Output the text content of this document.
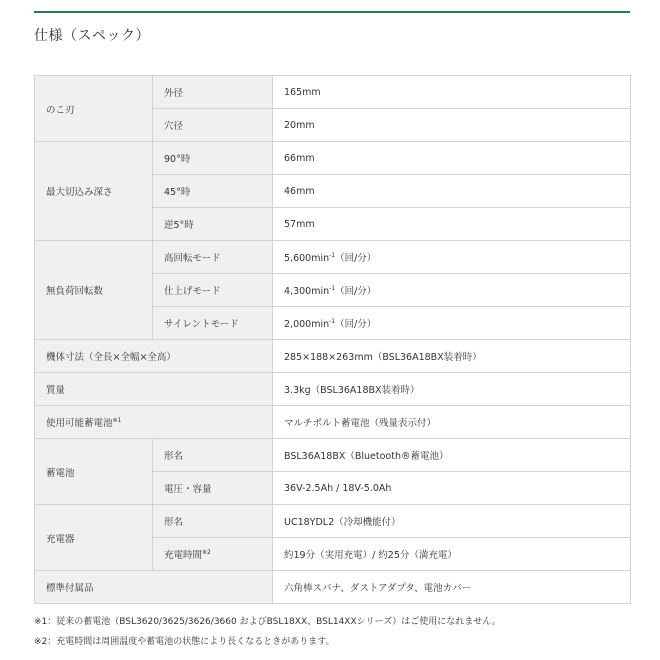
仕様（スペック）
のこ刃	外径	165mm
	穴径	20mm
最大切込み深さ	90°時	66mm
	45°時	46mm
	逆5°時	57mm
無負荷回転数	高回転モード	$5,600\min^{-1}$（回/分）
	仕上げモード	$4,300\min^{-1}$（回/分）
	サイレントモード	$2,000\min^{-1}$（回/分）
機体寸法（全長×全幅×全高）		285×188×263mm（BSL36A18BX装着時）
質量		3.3kg（BSL36A18BX装着時）
使用可能蓄電池$^{※1}$		マルチボルト蓄電池（残量表示付）
蓄電池	形名	BSL36A18BX（Bluetooth®蓄電池）
	電圧・容量	36V-2.5Ah / 18V-5.0Ah
充電器	形名	UC18YDL2（冷却機能付）
	充電時間$^{※2}$	約19分（実用充電）/ 約25分（満充電）
標準付属品		六角棒スパナ、ダストアダプタ、電池カバー
※1：従来の蓄電池（BSL3620/3625/3626/3660 およびBSL18XX、BSL14XXシリーズ）はご使用になれません。
※2：充電時間は周囲温度や蓄電池の状態により長くなるときがあります。
